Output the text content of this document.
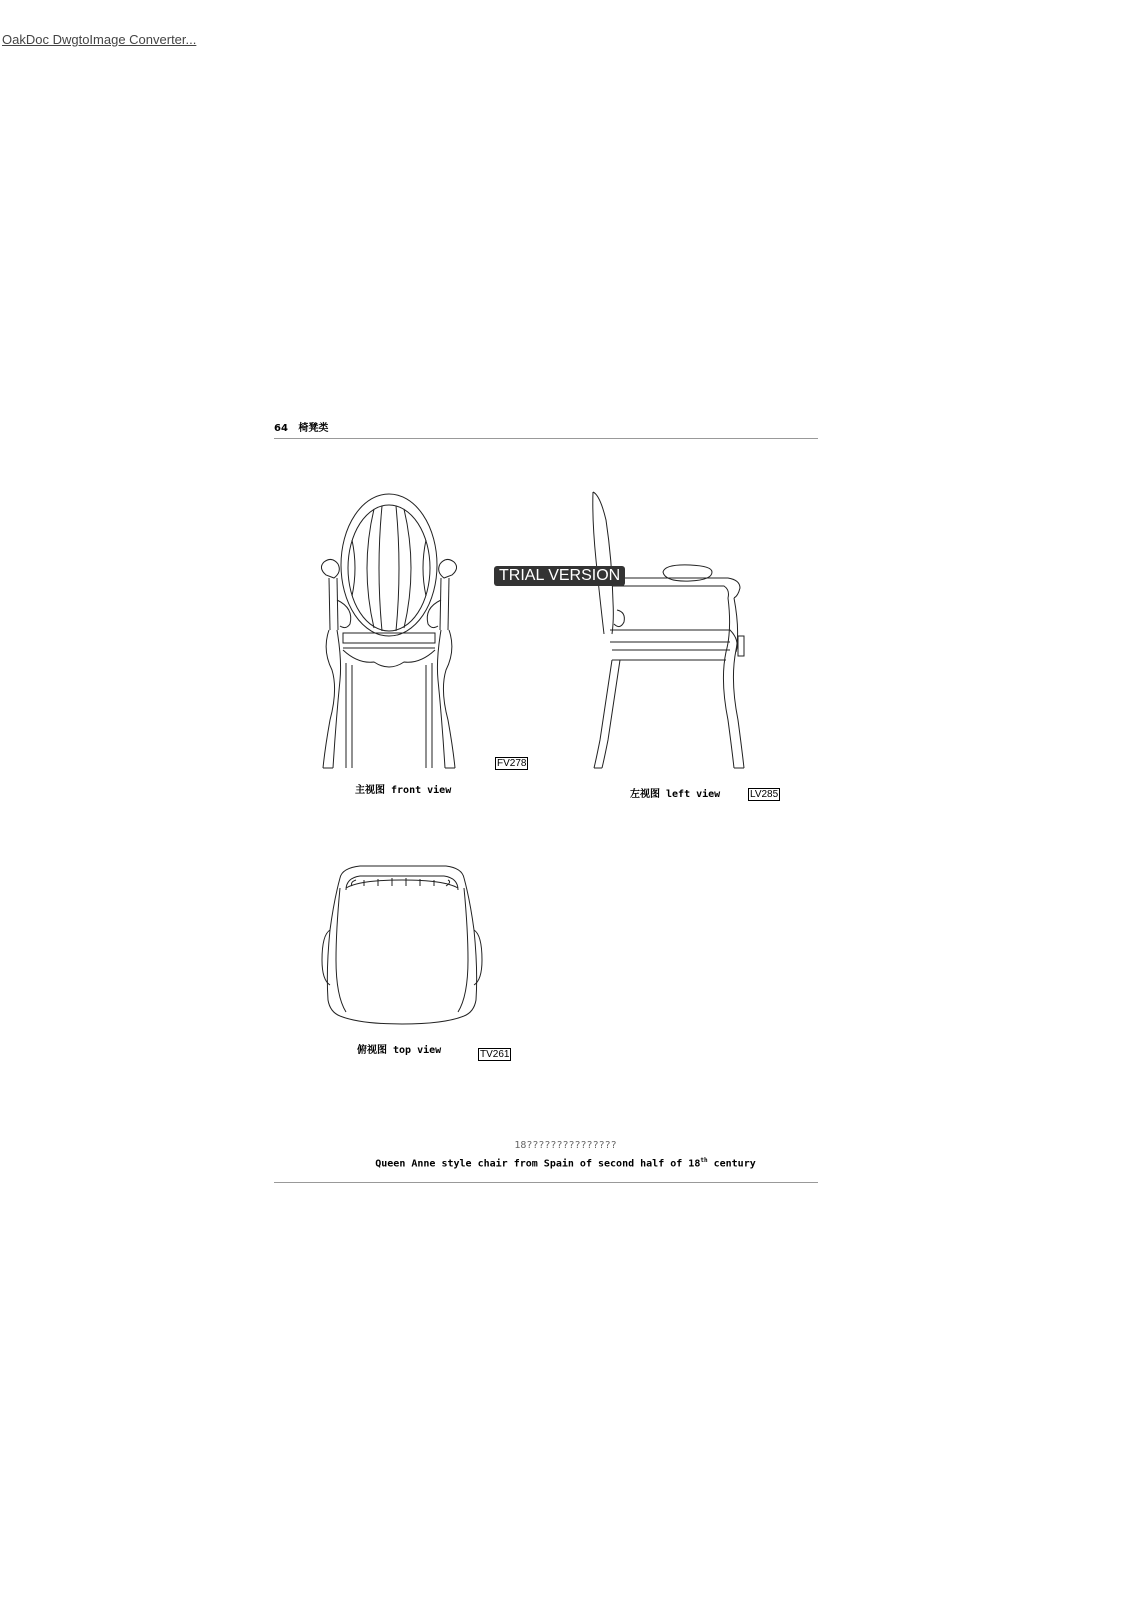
OakDoc DwgtoImage Converter...
64 椅凳类
TRIAL VERSION
主视图 front view
FV278
左视图 left view	LV285
俯视图 top view	TV261
18???????????????
Queen Anne style chair from Spain of second half of 18th century
